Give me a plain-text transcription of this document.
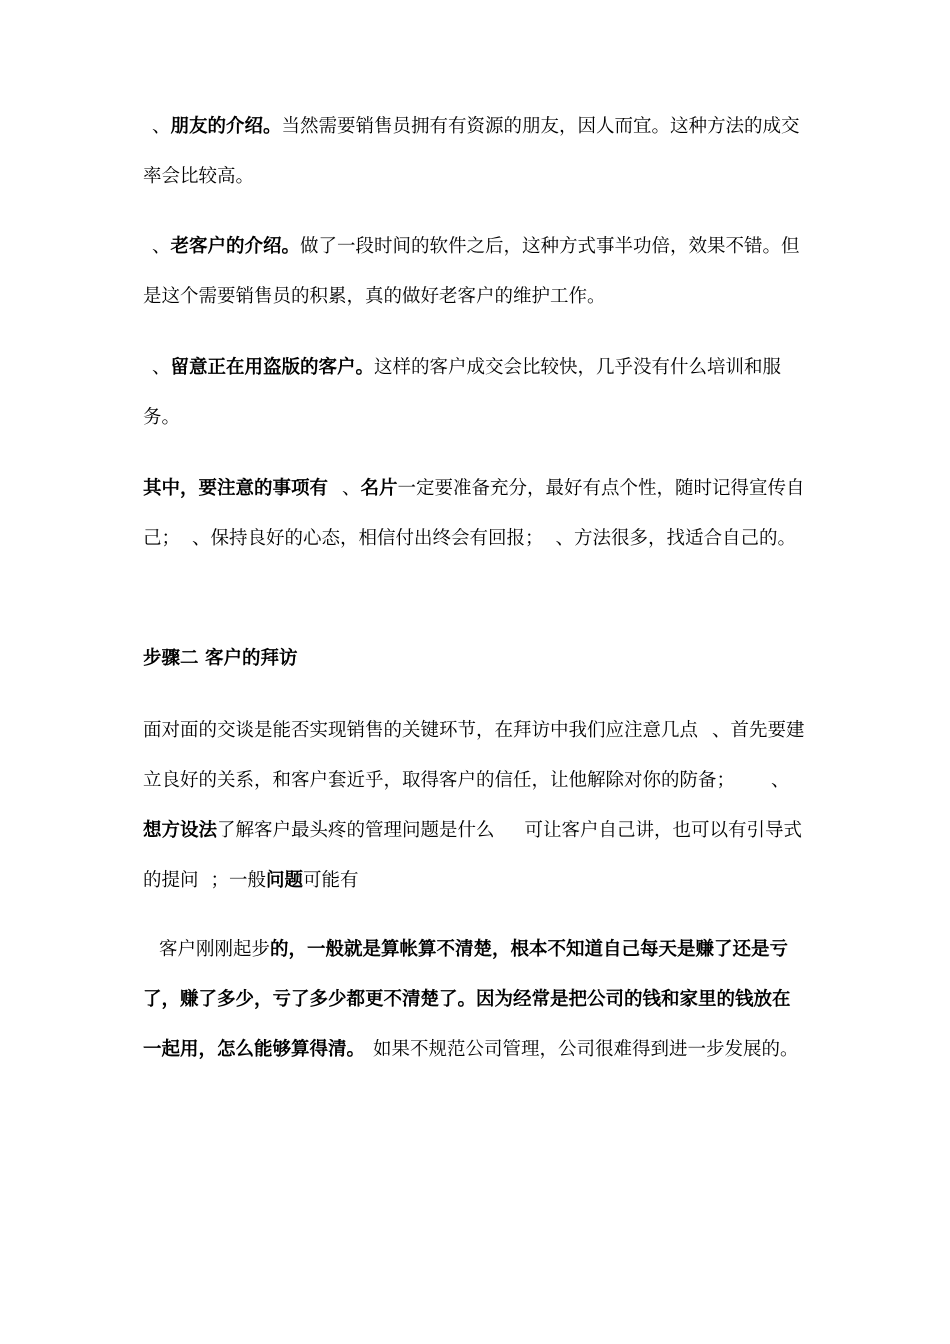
、朋友的介绍。当然需要销售员拥有有资源的朋友，因人而宜。这种方法的成交率会比较高。
、老客户的介绍。做了一段时间的软件之后，这种方式事半功倍，效果不错。但是这个需要销售员的积累，真的做好老客户的维护工作。
、留意正在用盗版的客户。这样的客户成交会比较快，几乎没有什么培训和服务。
其中，要注意的事项有 、名片一定要准备充分，最好有点个性，随时记得宣传自己； 、保持良好的心态，相信付出终会有回报； 、方法很多，找适合自己的。
步骤二 客户的拜访
面对面的交谈是能否实现销售的关键环节，在拜访中我们应注意几点 、首先要建立良好的关系，和客户套近乎，取得客户的信任，让他解除对你的防备； 、想方设法了解客户最头疼的管理问题是什么 可让客户自己讲，也可以有引导式的提问 ；一般问题可能有
客户刚刚起步的，一般就是算帐算不清楚，根本不知道自己每天是赚了还是亏了，赚了多少，亏了多少都更不清楚了。因为经常是把公司的钱和家里的钱放在一起用，怎么能够算得清。 如果不规范公司管理，公司很难得到进一步发展的。
